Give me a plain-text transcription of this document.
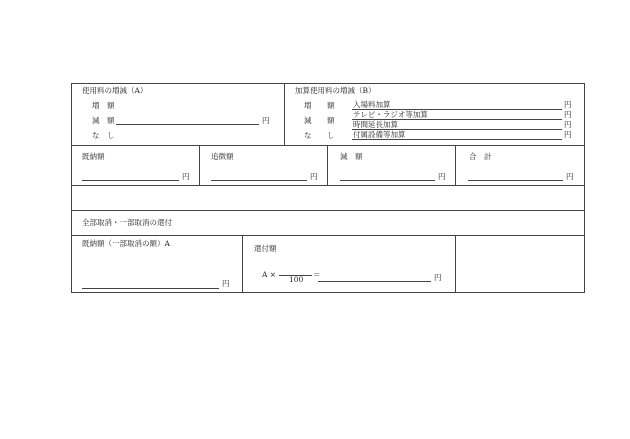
使用料の増減（A）
増　額
減　額	円
な　し
加算使用料の増減（B）
増 額
減 額
な し
入場料加算	円
テレビ・ラジオ等加算	円
時間延長加算	円
付属設備等加算	円
既納額
円
追徴額
円
減　額
円
合　計
円
全部取消・一部取消の還付
既納額（一部取消の額）A
円
還付額
A ×
100
＝	円
